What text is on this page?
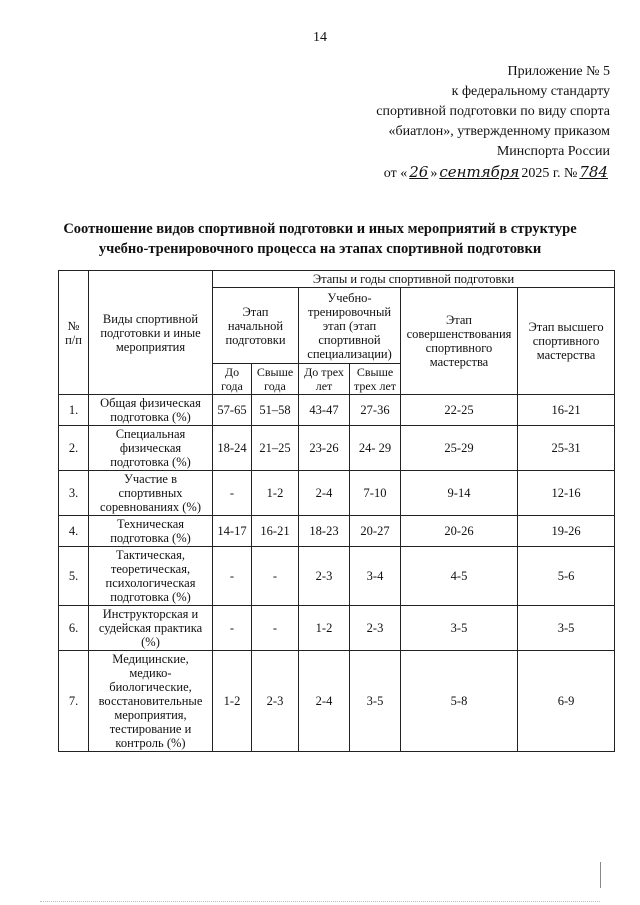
14
Приложение № 5
к федеральному стандарту
спортивной подготовки по виду спорта
«биатлон», утвержденному приказом
Минспорта России
от « 26 » сентября 2025 г. № 784
Соотношение видов спортивной подготовки и иных мероприятий в структуре
учебно-тренировочного процесса на этапах спортивной подготовки
№ п/п	Виды спортивной подготовки и иные мероприятия	Этапы и годы спортивной подготовки					
		Этап начальной подготовки		Учебно-тренировочный этап (этап спортивной специализации)		Этап совершенствования спортивного мастерства	Этап высшего спортивного мастерства
		До года	Свыше года	До трех лет	Свыше трех лет		
1.	Общая физическая подготовка (%)	57-65	51–58	43-47	27-36	22-25	16-21
2.	Специальная физическая подготовка (%)	18-24	21–25	23-26	24- 29	25-29	25-31
3.	Участие в спортивных соревнованиях (%)	-	1-2	2-4	7-10	9-14	12-16
4.	Техническая подготовка (%)	14-17	16-21	18-23	20-27	20-26	19-26
5.	Тактическая, теоретическая, психологическая подготовка (%)	-	-	2-3	3-4	4-5	5-6
6.	Инструкторская и судейская практика (%)	-	-	1-2	2-3	3-5	3-5
7.	Медицинские, медико-биологические, восстановительные мероприятия, тестирование и контроль (%)	1-2	2-3	2-4	3-5	5-8	6-9
